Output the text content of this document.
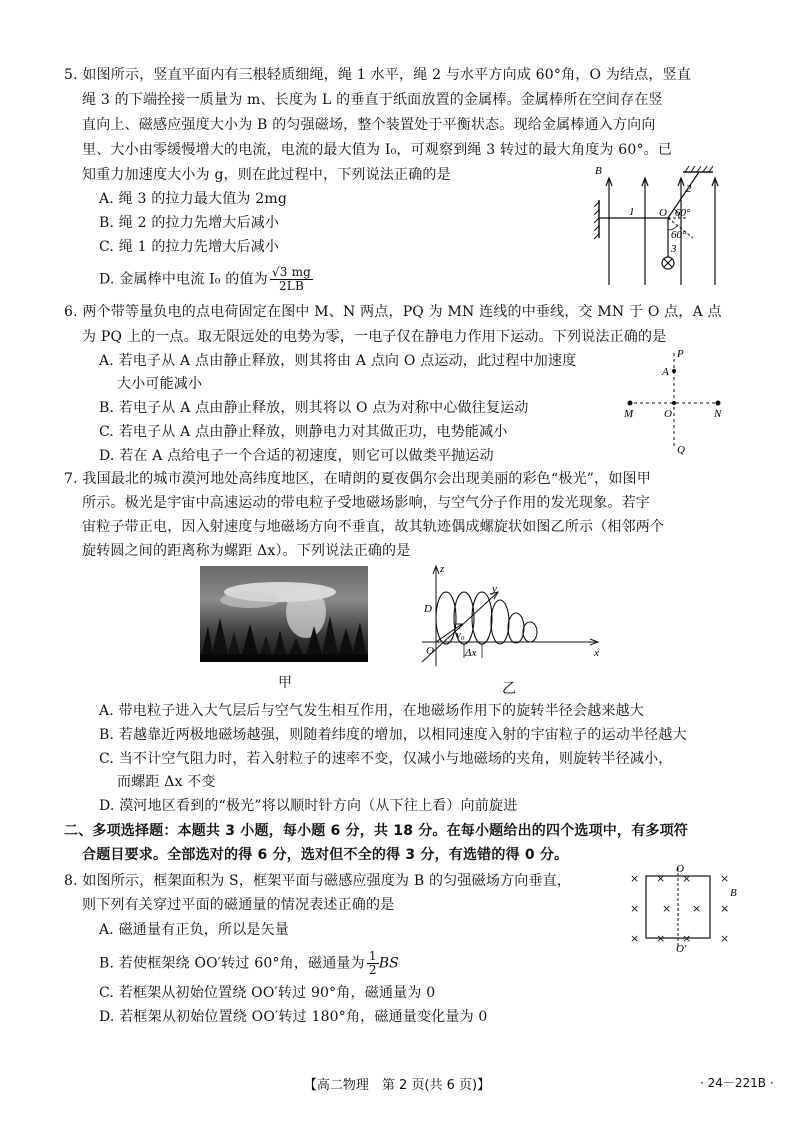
5. 如图所示，竖直平面内有三根轻质细绳，绳 1 水平，绳 2 与水平方向成 60°角，O 为结点，竖直
绳 3 的下端拴接一质量为 m、长度为 L 的垂直于纸面放置的金属棒。金属棒所在空间存在竖
直向上、磁感应强度大小为 B 的匀强磁场，整个装置处于平衡状态。现给金属棒通入方向向
里、大小由零缓慢增大的电流，电流的最大值为 I₀，可观察到绳 3 转过的最大角度为 60°。已
知重力加速度大小为 g，则在此过程中，下列说法正确的是
A. 绳 3 的拉力最大值为 2mg
B. 绳 2 的拉力先增大后减小
C. 绳 1 的拉力先增大后减小
D. 金属棒中电流 I₀ 的值为 $\frac{√3 mg}{2LB}$
B
1
2
3
O 60°
60°
6. 两个带等量负电的点电荷固定在图中 M、N 两点，PQ 为 MN 连线的中垂线，交 MN 于 O 点，A 点
为 PQ 上的一点。取无限远处的电势为零，一电子仅在静电力作用下运动。下列说法正确的是
A. 若电子从 A 点由静止释放，则其将由 A 点向 O 点运动，此过程中加速度
大小可能减小
B. 若电子从 A 点由静止释放，则其将以 O 点为对称中心做往复运动
C. 若电子从 A 点由静止释放，则静电力对其做正功，电势能减小
D. 若在 A 点给电子一个合适的初速度，则它可以做类平抛运动
P
A
M	O	N
Q
7. 我国最北的城市漠河地处高纬度地区，在晴朗的夏夜偶尔会出现美丽的彩色“极光”，如图甲
所示。极光是宇宙中高速运动的带电粒子受地磁场影响，与空气分子作用的发光现象。若宇
宙粒子带正电，因入射速度与地磁场方向不垂直，故其轨迹偶成螺旋状如图乙所示（相邻两个
旋转圆之间的距离称为螺距 Δx）。下列说法正确的是
甲
z
y
x
O
D
v₀
Δx
乙
A. 带电粒子进入大气层后与空气发生相互作用，在地磁场作用下的旋转半径会越来越大
B. 若越靠近两极地磁场越强，则随着纬度的增加，以相同速度入射的宇宙粒子的运动半径越大
C. 当不计空气阻力时，若入射粒子的速率不变，仅减小与地磁场的夹角，则旋转半径减小，
而螺距 Δx 不变
D. 漠河地区看到的“极光”将以顺时针方向（从下往上看）向前旋进
二、多项选择题：本题共 3 小题，每小题 6 分，共 18 分。在每小题给出的四个选项中，有多项符
合题目要求。全部选对的得 6 分，选对但不全的得 3 分，有选错的得 0 分。
8. 如图所示，框架面积为 S，框架平面与磁感应强度为 B 的匀强磁场方向垂直，
则下列有关穿过平面的磁通量的情况表述正确的是
A. 磁通量有正负，所以是矢量
B. 若使框架绕 OO′转过 60°角，磁通量为 $\frac{1}{2}$ BS
C. 若框架从初始位置绕 OO′转过 90°角，磁通量为 0
D. 若框架从初始位置绕 OO′转过 180°角，磁通量变化量为 0
× × ×	×
× × × ×
× × ×	×
O
O′
B
【高二物理　第 2 页(共 6 页)】	· 24－221B ·
